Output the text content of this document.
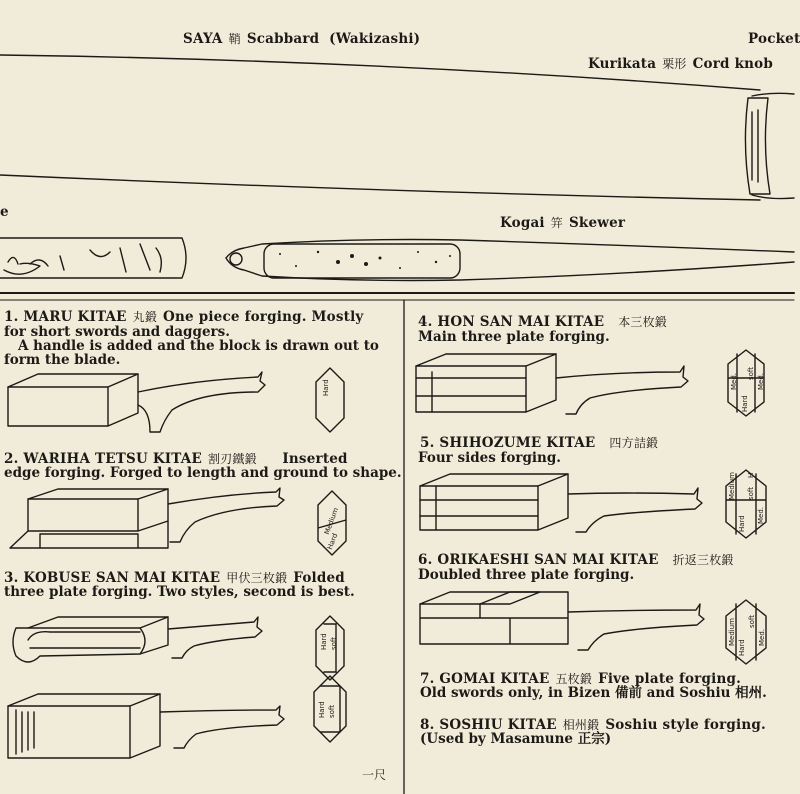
SAYA 鞘 Scabbard (Wakizashi)	Pocket
Kurikata 栗形 Cord knob
e
Kogai 笄 Skewer
1. MARU KITAE 丸鍛 One piece forging. Mostly
for short swords and daggers.
A handle is added and the block is drawn out to
form the blade.
2. WARIHA TETSU KITAE 割刃鐵鍛 Inserted
edge forging. Forged to length and ground to shape.
3. KOBUSE SAN MAI KITAE 甲伏三枚鍛 Folded
three plate forging. Two styles, second is best.
4. HON SAN MAI KITAE 本三枚鍛
Main three plate forging.
5. SHIHOZUME KITAE 四方詰鍛
Four sides forging.
6. ORIKAESHI SAN MAI KITAE 折返三枚鍛
Doubled three plate forging.
7. GOMAI KITAE 五枚鍛 Five plate forging.
Old swords only, in Bizen 備前 and Soshiu 相州.
8. SOSHIU KITAE 相州鍛 Soshiu style forging.
(Used by Masamune 正宗)
Hard
Medium
Hard
Hard soft
Hard soft
Med.
Hard
soft Med.
Medium
Hard
soft
H
Med.
Medium
Hard
soft
Med.
一尺
